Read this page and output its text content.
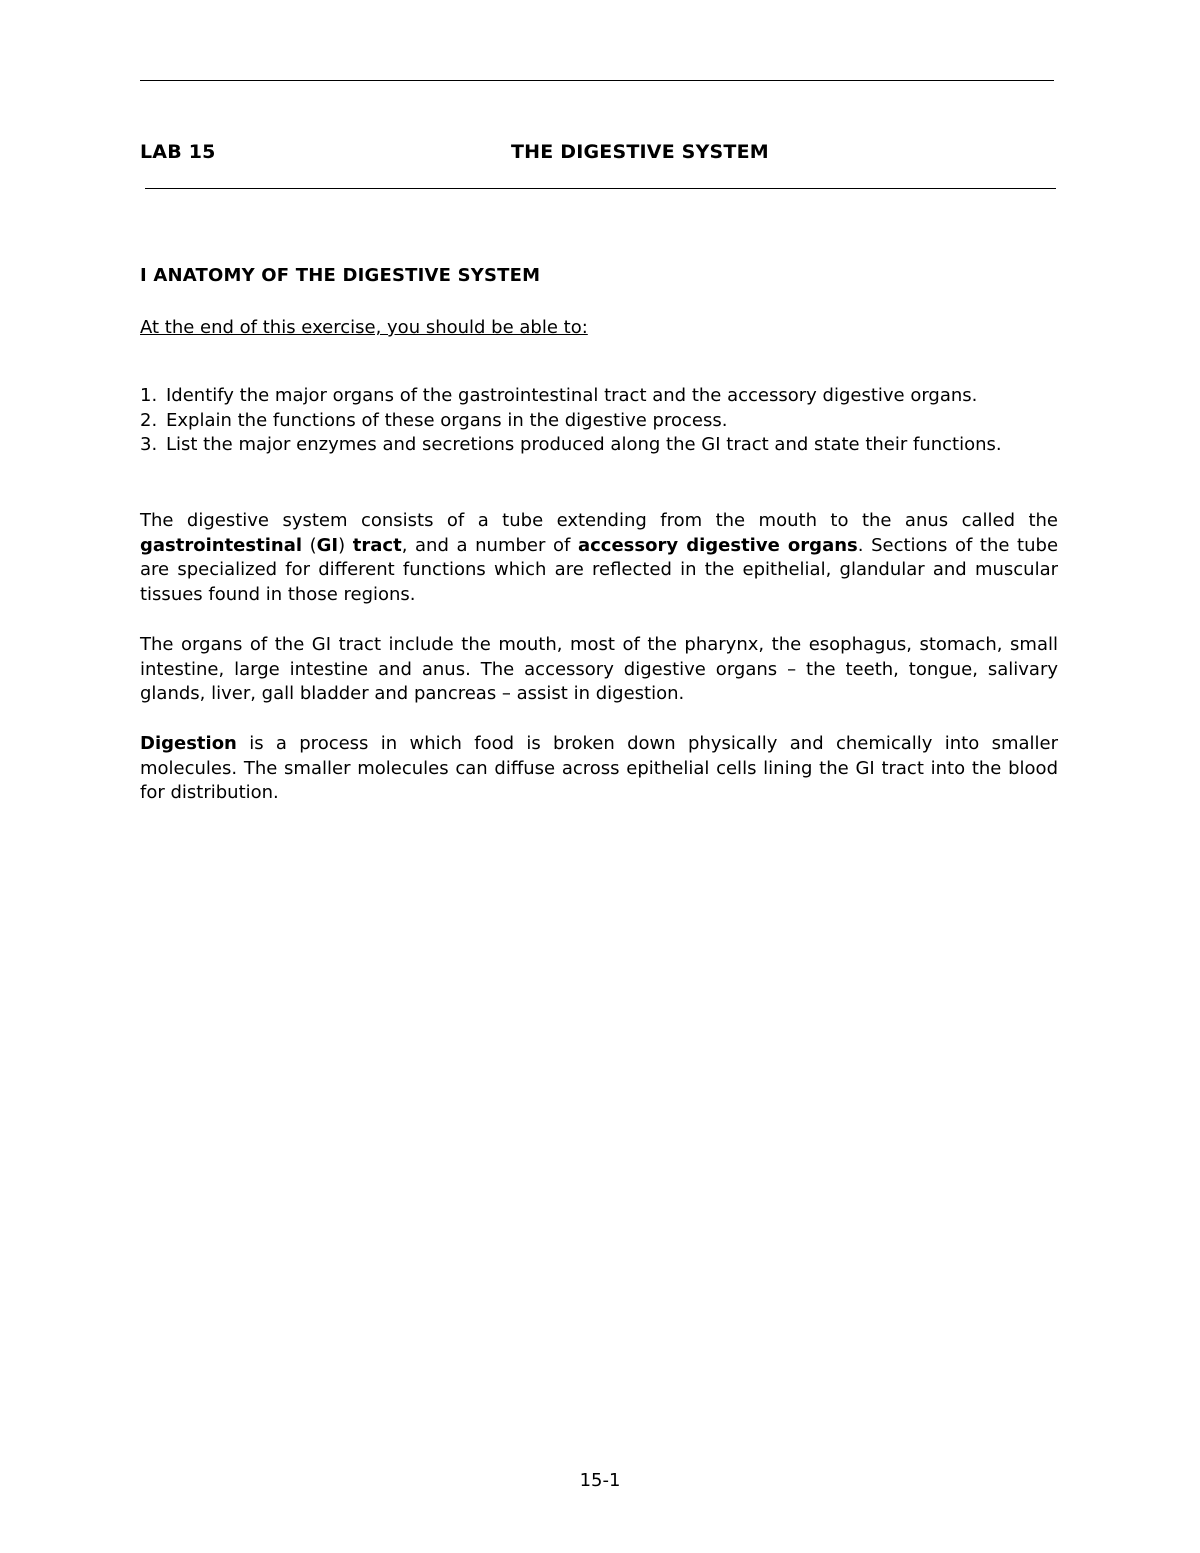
LAB 15	THE DIGESTIVE SYSTEM
I ANATOMY OF THE DIGESTIVE SYSTEM
At the end of this exercise, you should be able to:
1. Identify the major organs of the gastrointestinal tract and the accessory digestive organs.
2. Explain the functions of these organs in the digestive process.
3. List the major enzymes and secretions produced along the GI tract and state their functions.

The digestive system consists of a tube extending from the mouth to the anus called the gastrointestinal (GI) tract, and a number of accessory digestive organs. Sections of the tube are specialized for different functions which are reflected in the epithelial, glandular and muscular tissues found in those regions.

The organs of the GI tract include the mouth, most of the pharynx, the esophagus, stomach, small intestine, large intestine and anus. The accessory digestive organs – the teeth, tongue, salivary glands, liver, gall bladder and pancreas – assist in digestion.

Digestion is a process in which food is broken down physically and chemically into smaller molecules. The smaller molecules can diffuse across epithelial cells lining the GI tract into the blood for distribution.

15-1
